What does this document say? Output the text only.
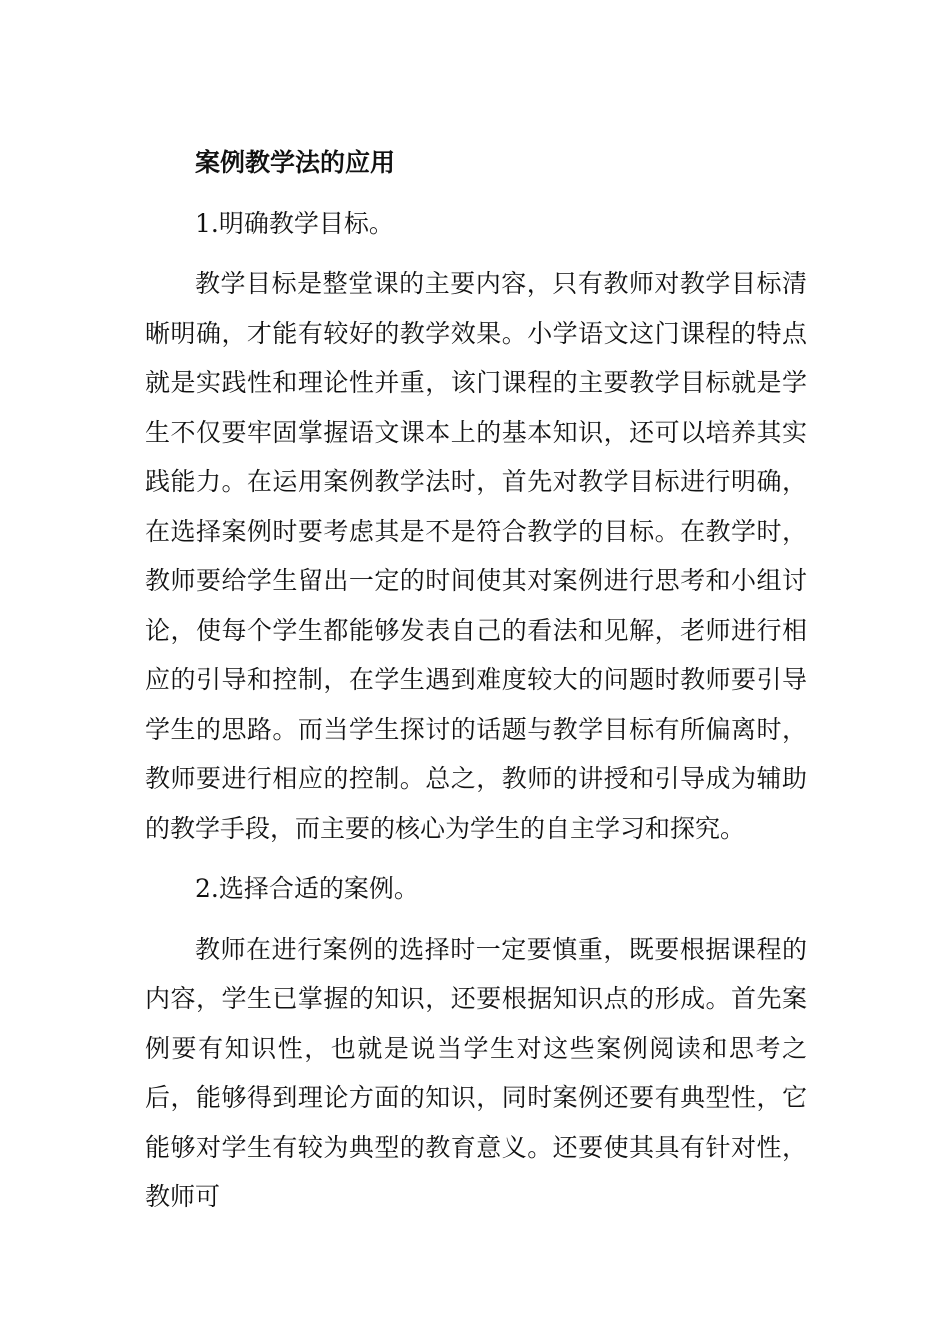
案例教学法的应用

1.明确教学目标。

教学目标是整堂课的主要内容，只有教师对教学目标清晰明确，才能有较好的教学效果。小学语文这门课程的特点就是实践性和理论性并重，该门课程的主要教学目标就是学生不仅要牢固掌握语文课本上的基本知识，还可以培养其实践能力。在运用案例教学法时，首先对教学目标进行明确，在选择案例时要考虑其是不是符合教学的目标。在教学时，教师要给学生留出一定的时间使其对案例进行思考和小组讨论，使每个学生都能够发表自己的看法和见解，老师进行相应的引导和控制，在学生遇到难度较大的问题时教师要引导学生的思路。而当学生探讨的话题与教学目标有所偏离时，教师要进行相应的控制。总之，教师的讲授和引导成为辅助的教学手段，而主要的核心为学生的自主学习和探究。

2.选择合适的案例。

教师在进行案例的选择时一定要慎重，既要根据课程的内容，学生已掌握的知识，还要根据知识点的形成。首先案例要有知识性，也就是说当学生对这些案例阅读和思考之后，能够得到理论方面的知识，同时案例还要有典型性，它能够对学生有较为典型的教育意义。还要使其具有针对性，教师可
